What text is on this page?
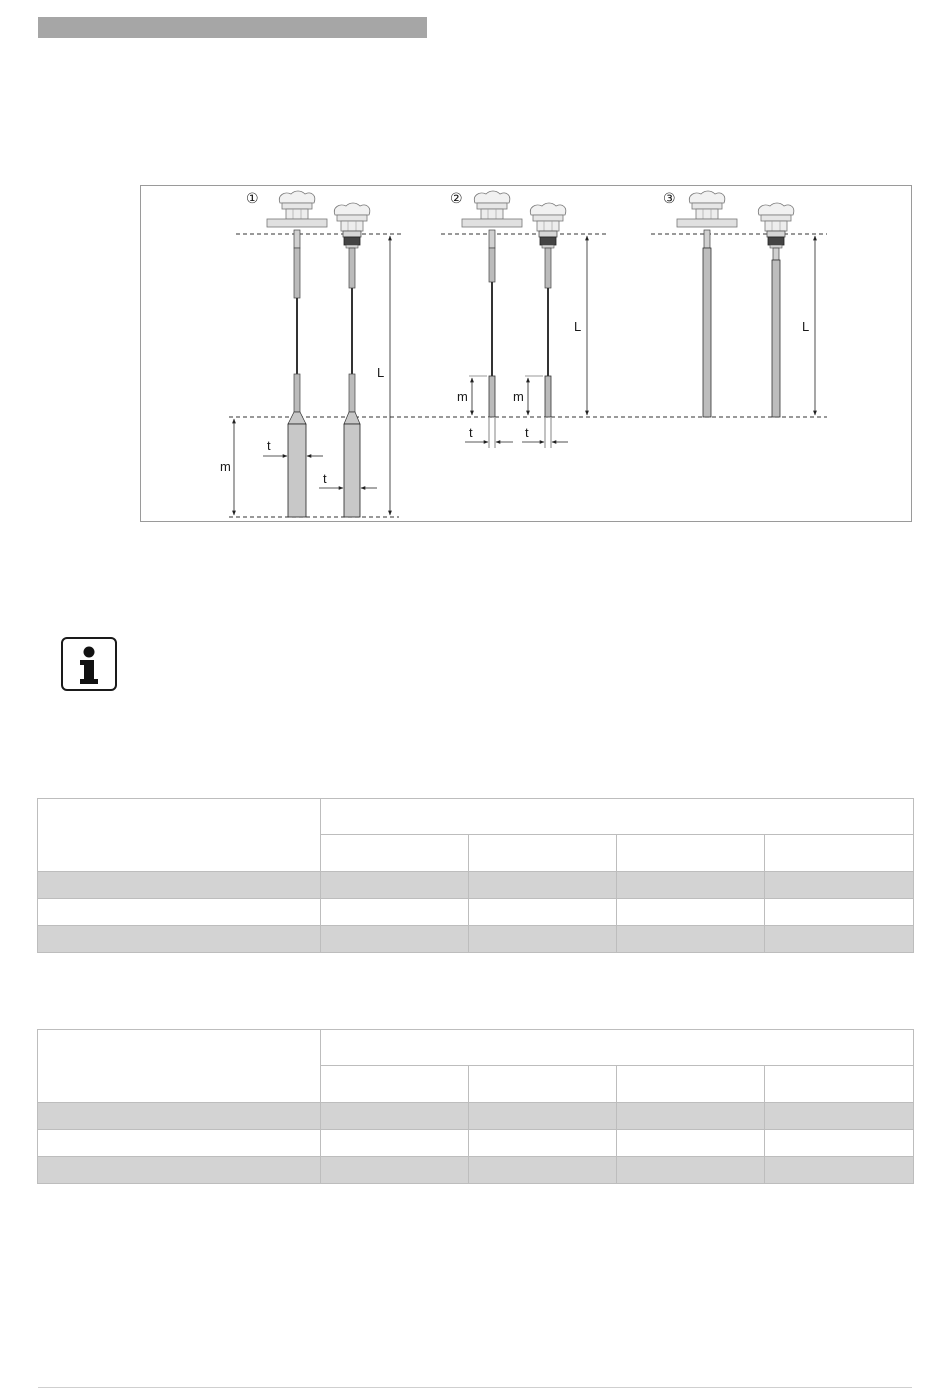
①	②	③
L
m
t
t
L
m	m
t	t
L
